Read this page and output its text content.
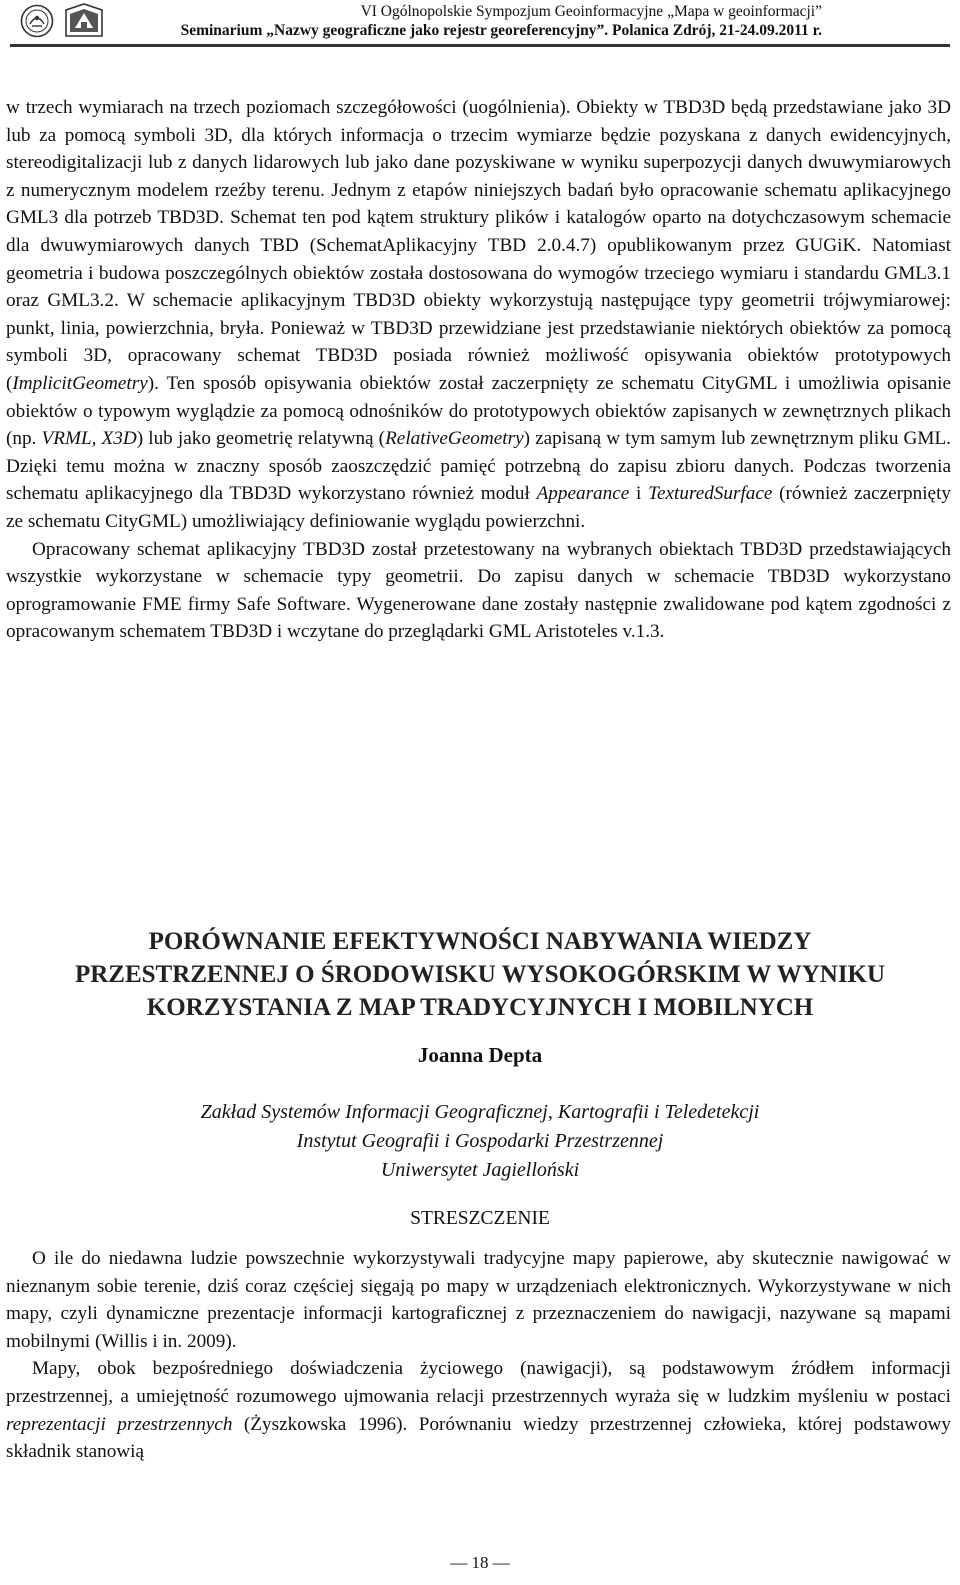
VI Ogólnopolskie Sympozjum Geoinformacyjne „Mapa w geoinformacji”
Seminarium „Nazwy geograficzne jako rejestr georeferencyjny”. Polanica Zdrój, 21-24.09.2011 r.

w trzech wymiarach na trzech poziomach szczegółowości (uogólnienia). Obiekty w TBD3D będą przedstawiane jako 3D lub za pomocą symboli 3D, dla których informacja o trzecim wymiarze będzie pozyskana z danych ewidencyjnych, stereodigitalizacji lub z danych lidarowych lub jako dane pozyskiwane w wyniku superpozycji danych dwuwymiarowych z numerycznym modelem rzeźby terenu. Jednym z etapów niniejszych badań było opracowanie schematu aplikacyjnego GML3 dla potrzeb TBD3D. Schemat ten pod kątem struktury plików i katalogów oparto na dotychczasowym schemacie dla dwuwymiarowych danych TBD (SchematAplikacyjny TBD 2.0.4.7) opublikowanym przez GUGiK. Natomiast geometria i budowa poszczególnych obiektów została dostosowana do wymogów trzeciego wymiaru i standardu GML3.1 oraz GML3.2. W schemacie aplikacyjnym TBD3D obiekty wykorzystują następujące typy geometrii trójwymiarowej: punkt, linia, powierzchnia, bryła. Ponieważ w TBD3D przewidziane jest przedstawianie niektórych obiektów za pomocą symboli 3D, opracowany schemat TBD3D posiada również możliwość opisywania obiektów prototypowych (ImplicitGeometry). Ten sposób opisywania obiektów został zaczerpnięty ze schematu CityGML i umożliwia opisanie obiektów o typowym wyglądzie za pomocą odnośników do prototypowych obiektów zapisanych w zewnętrznych plikach (np. VRML, X3D) lub jako geometrię relatywną (RelativeGeometry) zapisaną w tym samym lub zewnętrznym pliku GML. Dzięki temu można w znaczny sposób zaoszczędzić pamięć potrzebną do zapisu zbioru danych. Podczas tworzenia schematu aplikacyjnego dla TBD3D wykorzystano również moduł Appearance i TexturedSurface (również zaczerpnięty ze schematu CityGML) umożliwiający definiowanie wyglądu powierzchni.

Opracowany schemat aplikacyjny TBD3D został przetestowany na wybranych obiektach TBD3D przedstawiających wszystkie wykorzystane w schemacie typy geometrii. Do zapisu danych w schemacie TBD3D wykorzystano oprogramowanie FME firmy Safe Software. Wygenerowane dane zostały następnie zwalidowane pod kątem zgodności z opracowanym schematem TBD3D i wczytane do przeglądarki GML Aristoteles v.1.3.

PORÓWNANIE EFEKTYWNOŚCI NABYWANIA WIEDZY
PRZESTRZENNEJ O ŚRODOWISKU WYSOKOGÓRSKIM W WYNIKU
KORZYSTANIA Z MAP TRADYCYJNYCH I MOBILNYCH
Joanna Depta
Zakład Systemów Informacji Geograficznej, Kartografii i Teledetekcji
Instytut Geografii i Gospodarki Przestrzennej
Uniwersytet Jagielloński
STRESZCZENIE

O ile do niedawna ludzie powszechnie wykorzystywali tradycyjne mapy papierowe, aby skutecznie nawigować w nieznanym sobie terenie, dziś coraz częściej sięgają po mapy w urządzeniach elektronicznych. Wykorzystywane w nich mapy, czyli dynamiczne prezentacje informacji kartograficznej z przeznaczeniem do nawigacji, nazywane są mapami mobilnymi (Willis i in. 2009).

Mapy, obok bezpośredniego doświadczenia życiowego (nawigacji), są podstawowym źródłem informacji przestrzennej, a umiejętność rozumowego ujmowania relacji przestrzennych wyraża się w ludzkim myśleniu w postaci reprezentacji przestrzennych (Żyszkowska 1996). Porównaniu wiedzy przestrzennej człowieka, której podstawowy składnik stanowią

— 18 —
